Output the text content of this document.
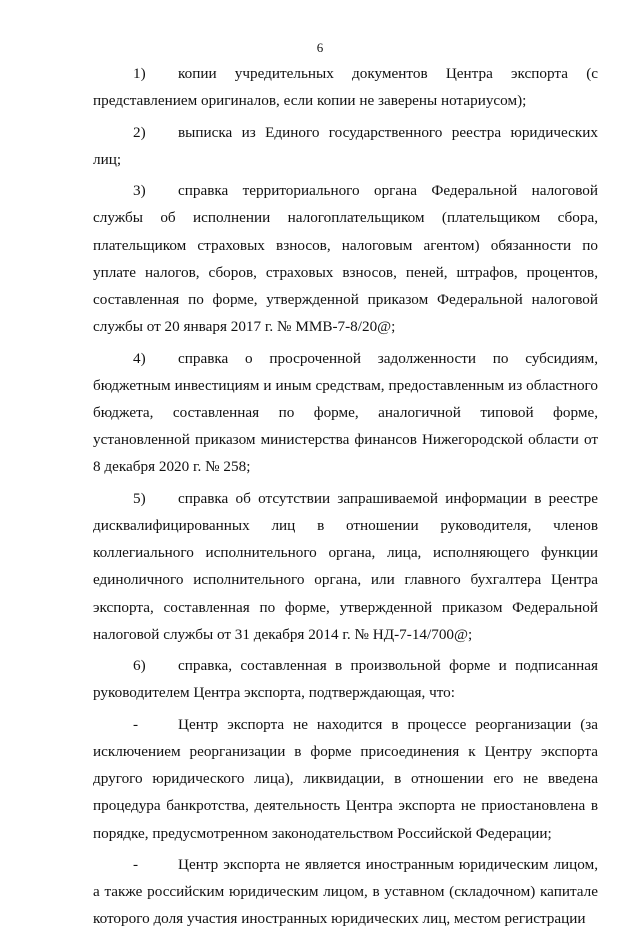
6

1) копии учредительных документов Центра экспорта (с представлением оригиналов, если копии не заверены нотариусом);

2) выписка из Единого государственного реестра юридических лиц;

3) справка территориального органа Федеральной налоговой службы об исполнении налогоплательщиком (плательщиком сбора, плательщиком страховых взносов, налоговым агентом) обязанности по уплате налогов, сборов, страховых взносов, пеней, штрафов, процентов, составленная по форме, утвержденной приказом Федеральной налоговой службы от 20 января 2017 г. № ММВ-7-8/20@;

4) справка о просроченной задолженности по субсидиям, бюджетным инвестициям и иным средствам, предоставленным из областного бюджета, составленная по форме, аналогичной типовой форме, установленной приказом министерства финансов Нижегородской области от 8 декабря 2020 г. № 258;

5) справка об отсутствии запрашиваемой информации в реестре дисквалифицированных лиц в отношении руководителя, членов коллегиального исполнительного органа, лица, исполняющего функции единоличного исполнительного органа, или главного бухгалтера Центра экспорта, составленная по форме, утвержденной приказом Федеральной налоговой службы от 31 декабря 2014 г. № НД-7-14/700@;

6) справка, составленная в произвольной форме и подписанная руководителем Центра экспорта, подтверждающая, что:

-	Центр экспорта не находится в процессе реорганизации (за исключением реорганизации в форме присоединения к Центру экспорта другого юридического лица), ликвидации, в отношении его не введена процедура банкротства, деятельность Центра экспорта не приостановлена в порядке, предусмотренном законодательством Российской Федерации;

-	Центр экспорта не является иностранным юридическим лицом, а также российским юридическим лицом, в уставном (складочном) капитале которого доля участия иностранных юридических лиц, местом регистрации
